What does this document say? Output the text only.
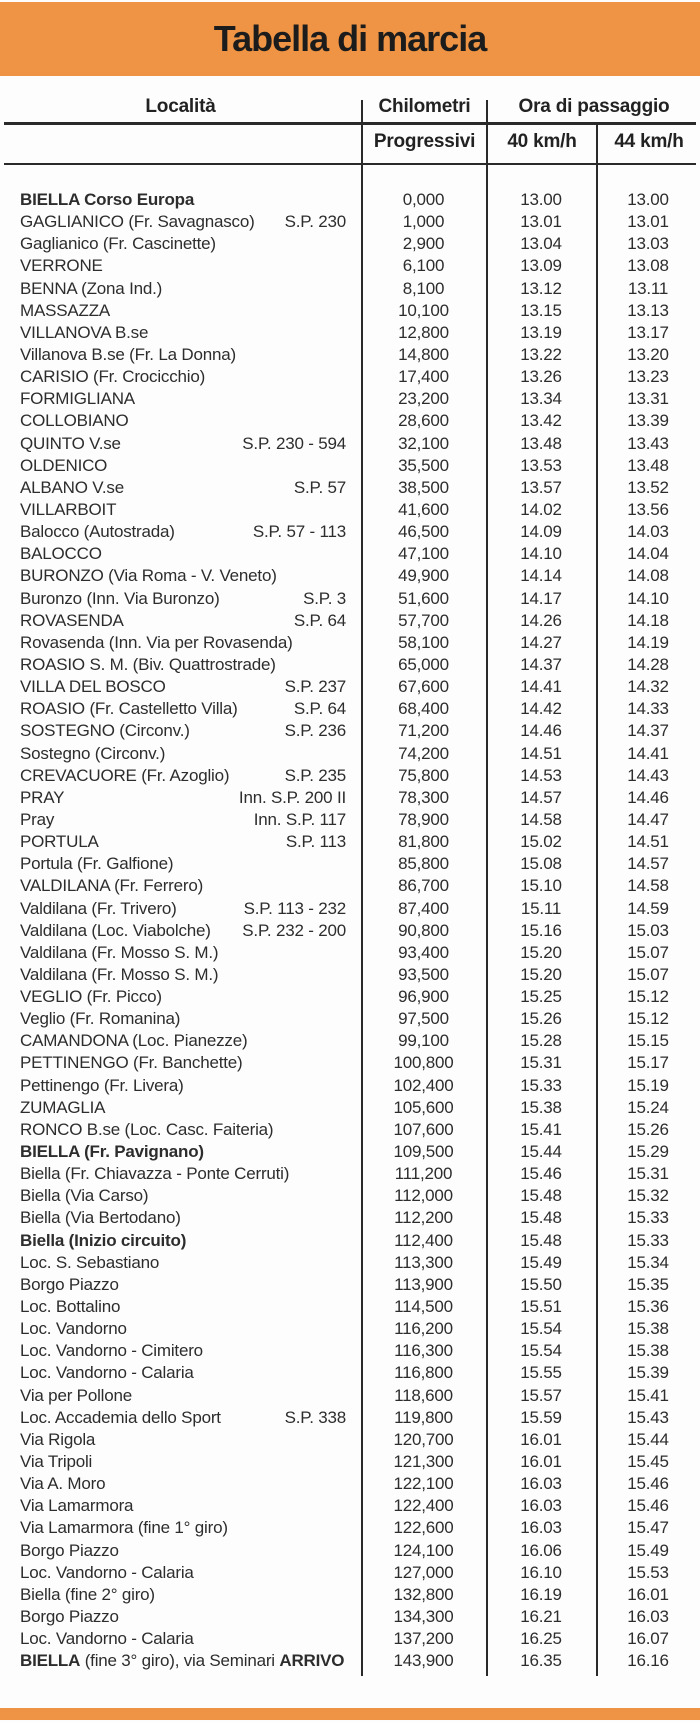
Tabella di marcia
Località	Chilometri	Ora di passaggio
Progressivi	40 km/h	44 km/h
BIELLA Corso Europa	0,000	13.00	13.00
GAGLIANICO (Fr. Savagnasco) S.P. 230	1,000	13.01	13.01
Gaglianico (Fr. Cascinette)	2,900	13.04	13.03
VERRONE	6,100	13.09	13.08
BENNA (Zona Ind.)	8,100	13.12	13.11
MASSAZZA	10,100	13.15	13.13
VILLANOVA B.se	12,800	13.19	13.17
Villanova B.se (Fr. La Donna)	14,800	13.22	13.20
CARISIO (Fr. Crocicchio)	17,400	13.26	13.23
FORMIGLIANA	23,200	13.34	13.31
COLLOBIANO	28,600	13.42	13.39
QUINTO V.se	S.P. 230 - 594	32,100	13.48	13.43
OLDENICO	35,500	13.53	13.48
ALBANO V.se	S.P. 57	38,500	13.57	13.52
VILLARBOIT	41,600	14.02	13.56
Balocco (Autostrada)	S.P. 57 - 113	46,500	14.09	14.03
BALOCCO	47,100	14.10	14.04
BURONZO (Via Roma - V. Veneto)	49,900	14.14	14.08
Buronzo (Inn. Via Buronzo)	S.P. 3	51,600	14.17	14.10
ROVASENDA	S.P. 64	57,700	14.26	14.18
Rovasenda (Inn. Via per Rovasenda)	58,100	14.27	14.19
ROASIO S. M. (Biv. Quattrostrade)	65,000	14.37	14.28
VILLA DEL BOSCO	S.P. 237	67,600	14.41	14.32
ROASIO (Fr. Castelletto Villa)	S.P. 64	68,400	14.42	14.33
SOSTEGNO (Circonv.)	S.P. 236	71,200	14.46	14.37
Sostegno (Circonv.)	74,200	14.51	14.41
CREVACUORE (Fr. Azoglio)	S.P. 235	75,800	14.53	14.43
PRAY	Inn. S.P. 200 II	78,300	14.57	14.46
Pray	Inn. S.P. 117	78,900	14.58	14.47
PORTULA	S.P. 113	81,800	15.02	14.51
Portula (Fr. Galfione)	85,800	15.08	14.57
VALDILANA (Fr. Ferrero)	86,700	15.10	14.58
Valdilana (Fr. Trivero)	S.P. 113 - 232	87,400	15.11	14.59
Valdilana (Loc. Viabolche) S.P. 232 - 200	90,800	15.16	15.03
Valdilana (Fr. Mosso S. M.)	93,400	15.20	15.07
Valdilana (Fr. Mosso S. M.)	93,500	15.20	15.07
VEGLIO (Fr. Picco)	96,900	15.25	15.12
Veglio (Fr. Romanina)	97,500	15.26	15.12
CAMANDONA (Loc. Pianezze)	99,100	15.28	15.15
PETTINENGO (Fr. Banchette)	100,800	15.31	15.17
Pettinengo (Fr. Livera)	102,400	15.33	15.19
ZUMAGLIA	105,600	15.38	15.24
RONCO B.se (Loc. Casc. Faiteria)	107,600	15.41	15.26
BIELLA (Fr. Pavignano)	109,500	15.44	15.29
Biella (Fr. Chiavazza - Ponte Cerruti)	111,200	15.46	15.31
Biella (Via Carso)	112,000	15.48	15.32
Biella (Via Bertodano)	112,200	15.48	15.33
Biella (Inizio circuito)	112,400	15.48	15.33
Loc. S. Sebastiano	113,300	15.49	15.34
Borgo Piazzo	113,900	15.50	15.35
Loc. Bottalino	114,500	15.51	15.36
Loc. Vandorno	116,200	15.54	15.38
Loc. Vandorno - Cimitero	116,300	15.54	15.38
Loc. Vandorno - Calaria	116,800	15.55	15.39
Via per Pollone	118,600	15.57	15.41
Loc. Accademia dello Sport	S.P. 338	119,800	15.59	15.43
Via Rigola	120,700	16.01	15.44
Via Tripoli	121,300	16.01	15.45
Via A. Moro	122,100	16.03	15.46
Via Lamarmora	122,400	16.03	15.46
Via Lamarmora (fine 1° giro)	122,600	16.03	15.47
Borgo Piazzo	124,100	16.06	15.49
Loc. Vandorno - Calaria	127,000	16.10	15.53
Biella (fine 2° giro)	132,800	16.19	16.01
Borgo Piazzo	134,300	16.21	16.03
Loc. Vandorno - Calaria	137,200	16.25	16.07
BIELLA (fine 3° giro), via Seminari ARRIVO	143,900	16.35	16.16
